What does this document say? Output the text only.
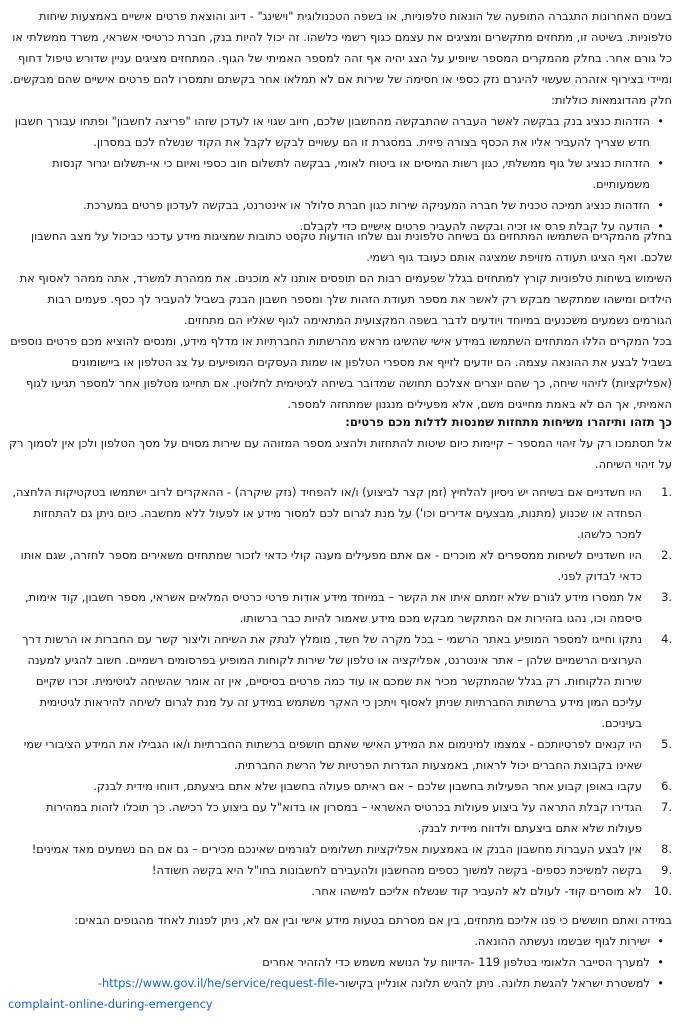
בשנים האחרונות התגברה התופעה של הונאות טלפוניות, או בשפה הטכנולוגית "וישינג" - דיוג והוצאת פרטים אישיים באמצעות שיחות טלפוניות. בשיטה זו, מתחזים מתקשרים ומציגים את עצמם כגוף רשמי כלשהו. זה יכול להיות בנק, חברת כרטיסי אשראי, משרד ממשלתי או כל גורם אחר. בחלק מהמקרים המספר שיופיע על הצג יהיה אף זהה למספר האמיתי של הגוף. המתחזים מציגים עניין שדורש טיפול דחוף ומיידי בצירוף אזהרה שעשוי להיגרם נזק כספי או חסימה של שירות אם לא תמלאו אחר בקשתם ותמסרו להם פרטים אישיים שהם מבקשים. חלק מהדוגמאות כוללות:

• הזדהות כנציג בנק בבקשה לאשר העברה שהתבקשה מהחשבון שלכם, חיוב שגוי או לעדכן שזהו "פריצה לחשבון" ופתחו עבורך חשבון חדש שצריך להעביר אליו את הכסף בצורה פיזית. במסגרת זו הם עשויים לבקש לקבל את הקוד שנשלח לכם במסרון.
• הזדהות כנציג של גוף ממשלתי, כגון רשות המיסים או ביטוח לאומי, בבקשה לתשלום חוב כספי ואיום כי אי-תשלום יגרור קנסות משמעותיים.
• הזדהות כנציג תמיכה טכנית של חברה המעניקה שירות כגון חברת סלולר או אינטרנט, בבקשה לעדכון פרטים במערכת.
• הודעה על קבלת פרס או זכיה ובקשה להעביר פרטים אישיים כדי לקבלם.

בחלק מהמקרים השתמשו המתחזים גם בשיחה טלפונית וגם שלחו הודעות טקסט כתובות שמציגות מידע עדכני כביכול על מצב החשבון שלכם. ואף הציגו תעודה מזויפת שמציגה אותם כעובד גוף רשמי.

השימוש בשיחות טלפוניות קורץ למתחזים בגלל שפעמים רבות הם תופסים אותנו לא מוכנים. את ממהרת למשרד, אתה ממהר לאסוף את הילדים ומישהו שמתקשר מבקש רק לאשר את מספר תעודת הזהות שלך ומספר חשבון הבנק בשביל להעביר לך כסף. פעמים רבות הגורמים נשמעים משכנעים במיוחד ויודעים לדבר בשפה המקצועית המתאימה לגוף שאליו הם מתחזים.

בכל המקרים הללו המתחזים השתמשו במידע אישי שהשיגו מראש מהרשתות החברתיות או מדלף מידע, ומנסים להוציא מכם פרטים נוספים בשביל לבצע את ההונאה עצמה. הם יודעים לזייף את מספרי הטלפון או שמות העסקים המופיעים על צג הטלפון או ביישומונים (אפליקציות) לזיהוי שיחה, כך שהם יוצרים אצלכם תחושה שמדובר בשיחה לגיטימית לחלוטין. אם תחייגו מטלפון אחר למספר תגיעו לגוף האמיתי, אך הם לא באמת מחייגים משם, אלא מפעילים מנגנון שמתחזה למספר.

כך תזהו ותיזהרו משיחות מתחזות שמנסות לדלות מכם פרטים:

אל תסתמכו רק על זיהוי המספר – קיימות כיום שיטות להתחזות ולהציג מספר המזוהה עם שירות מסוים על מסך הטלפון ולכן אין לסמוך רק על זיהוי השיחה.

1.
היו חשדניים אם בשיחה יש ניסיון להלחיץ (זמן קצר לביצוע) ו/או להפחיד (נזק שיקרה) - ההאקרים לרוב ישתמשו בטקטיקות הלחצה, הפחדה או שכנוע (מתנות, מבצעים אדירים וכו') על מנת לגרום לכם למסור מידע או לפעול ללא מחשבה. כיום ניתן גם להתחזות למכר כלשהו.
2.
היו חשדניים לשיחות ממספרים לא מוכרים - אם אתם מפעילים מענה קולי כדאי לזכור שמתחזים משאירים מספר לחזרה, שגם אותו כדאי לבדוק לפני.
3.
אל תמסרו מידע לגורם שלא יזמתם איתו את הקשר – במיוחד מידע אודות פרטי כרטיס המלאים אשראי, מספר חשבון, קוד אימות, סיסמה וכו, נהגו בזהירות אם המתקשר מבקש מכם מידע שאמור להיות כבר ברשותו.
4.
נתקו וחייגו למספר המופיע באתר הרשמי – בכל מקרה של חשד, מומלץ לנתק את השיחה וליצור קשר עם החברות או הרשות דרך הערוצים הרשמיים שלהן – אתר אינטרנט, אפליקציה או טלפון של שירות לקוחות המופיע בפרסומים רשמיים. חשוב להגיע למענה שירות הלקוחות. רק בגלל שהמתקשר מכיר את שמכם או עוד כמה פרטים בסיסיים, אין זה אומר שהשיחה לגיטימית. זכרו שקיים עליכם המון מידע ברשתות החברתיות שניתן לאסוף ויתכן כי האקר משתמש במידע זה על מנת לגרום לשיחה להיראות לגיטימית בעיניכם.
5.
היו קנאים לפרטיותכם - צמצמו למינימום את המידע האישי שאתם חושפים ברשתות החברתיות ו/או הגבילו את המידע הציבורי שמי שאינו בקבוצת החברים יכול לראות, באמצעות הגדרות הפרטיות של הרשת החברתית.
6.
עקבו באופן קבוע אחר הפעילות בחשבון שלכם – אם ראיתם פעולה בחשבון שלא אתם ביצעתם, דווחו מידית לבנק.
7.
הגדירו קבלת התראה על ביצוע פעולות בכרטיס האשראי – במסרון או בדוא"ל עם ביצוע כל רכישה. כך תוכלו לזהות במהירות פעולות שלא אתם ביצעתם ולדווח מידית לבנק.
8.
אין לבצע העברות מחשבון הבנק או באמצעות אפליקציות תשלומים לגורמים שאינכם מכירים – גם אם הם נשמעים מאד אמינים!
9.
בקשה למשיכת כספים- בקשה למשוך כספים מהחשבון ולהעבירם לחשבונות בחו"ל היא בקשה חשודה!
10.
לא מוסרים קוד- לעולם לא להעביר קוד שנשלח אליכם למישהו אחר.

במידה ואתם חוששים כי פנו אליכם מתחזים, בין אם מסרתם בטעות מידע אישי ובין אם לא, ניתן לפנות לאחד מהגופים הבאים:

• ישירות לגוף שבשמו נעשתה ההונאה.
• למערך הסייבר הלאומי בטלפון 119 -הדיווח על הנושא משמש כדי להזהיר אחרים
• למשטרת ישראל להגשת תלונה. ניתן להגיש תלונה אונליין בקישור-https://www.gov.il/he/service/request-file-
complaint-online-during-emergency
